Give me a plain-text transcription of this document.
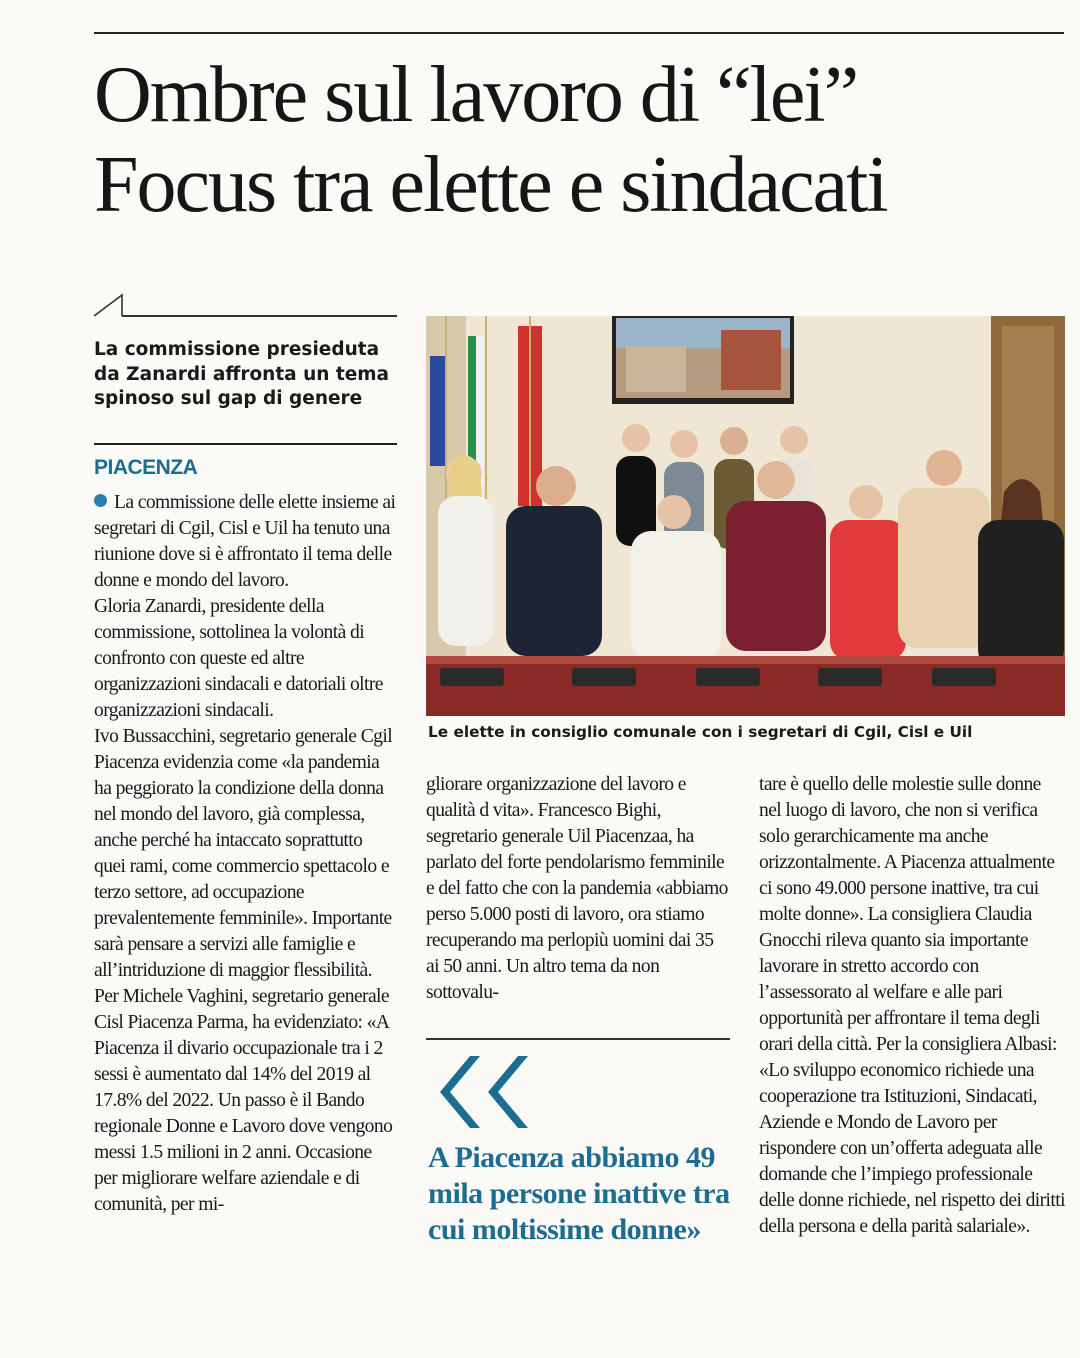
Ombre sul lavoro di “lei”
Focus tra elette e sindacati
La commissione presieduta da Zanardi affronta un tema spinoso sul gap di genere
PIACENZA

La commissione delle elette insieme ai segretari di Cgil, Cisl e Uil ha tenuto una riunione dove si è affrontato il tema delle donne e mondo del lavoro.

Gloria Zanardi, presidente della commissione, sottolinea la volontà di confronto con queste ed altre organizzazioni sindacali e datoriali oltre organizzazioni sindacali.

Ivo Bussacchini, segretario generale Cgil Piacenza evidenzia come «la pandemia ha peggiorato la condizione della donna nel mondo del lavoro, già complessa, anche perché ha intaccato soprattutto quei rami, come commercio spettacolo e terzo settore, ad occupazione prevalentemente femminile». Importante sarà pensare a servizi alle famiglie e all’intriduzione di maggior flessibilità. Per Michele Vaghini, segretario generale Cisl Piacenza Parma, ha evidenziato: «A Piacenza il divario occupazionale tra i 2 sessi è aumentato dal 14% del 2019 al 17.8% del 2022. Un passo è il Bando regionale Donne e Lavoro dove vengono messi 1.5 milioni in 2 anni. Occasione per migliorare welfare aziendale e di comunità, per mi-

Le elette in consiglio comunale con i segretari di Cgil, Cisl e Uil

gliorare organizzazione del lavoro e qualità d vita». Francesco Bighi, segretario generale Uil Piacenzaa, ha parlato del forte pendolarismo femminile e del fatto che con la pandemia «abbiamo perso 5.000 posti di lavoro, ora stiamo recuperando ma perlopiù uomini dai 35 ai 50 anni. Un altro tema da non sottovalu-

A Piacenza abbiamo 49 mila persone inattive tra cui moltissime donne»

tare è quello delle molestie sulle donne nel luogo di lavoro, che non si verifica solo gerarchicamente ma anche orizzontalmente. A Piacenza attualmente ci sono 49.000 persone inattive, tra cui molte donne». La consigliera Claudia Gnocchi rileva quanto sia importante lavorare in stretto accordo con l’assessorato al welfare e alle pari opportunità per affrontare il tema degli orari della città. Per la consigliera Albasi: «Lo sviluppo economico richiede una cooperazione tra Istituzioni, Sindacati, Aziende e Mondo de Lavoro per rispondere con un’offerta adeguata alle domande che l’impiego professionale delle donne richiede, nel rispetto dei diritti della persona e della parità salariale».
